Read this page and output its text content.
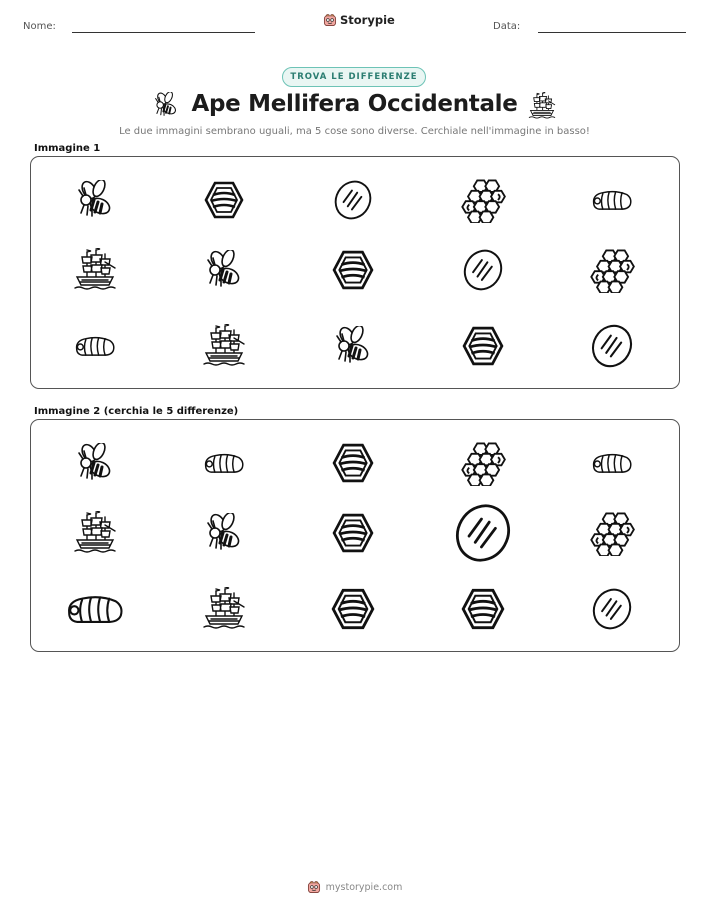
Nome:	Storypie	Data:
TROVA LE DIFFERENZE
Ape Mellifera Occidentale
Le due immagini sembrano uguali, ma 5 cose sono diverse. Cerchiale nell'immagine in basso!
Immagine 1
Immagine 2 (cerchia le 5 differenze)
mystorypie.com
